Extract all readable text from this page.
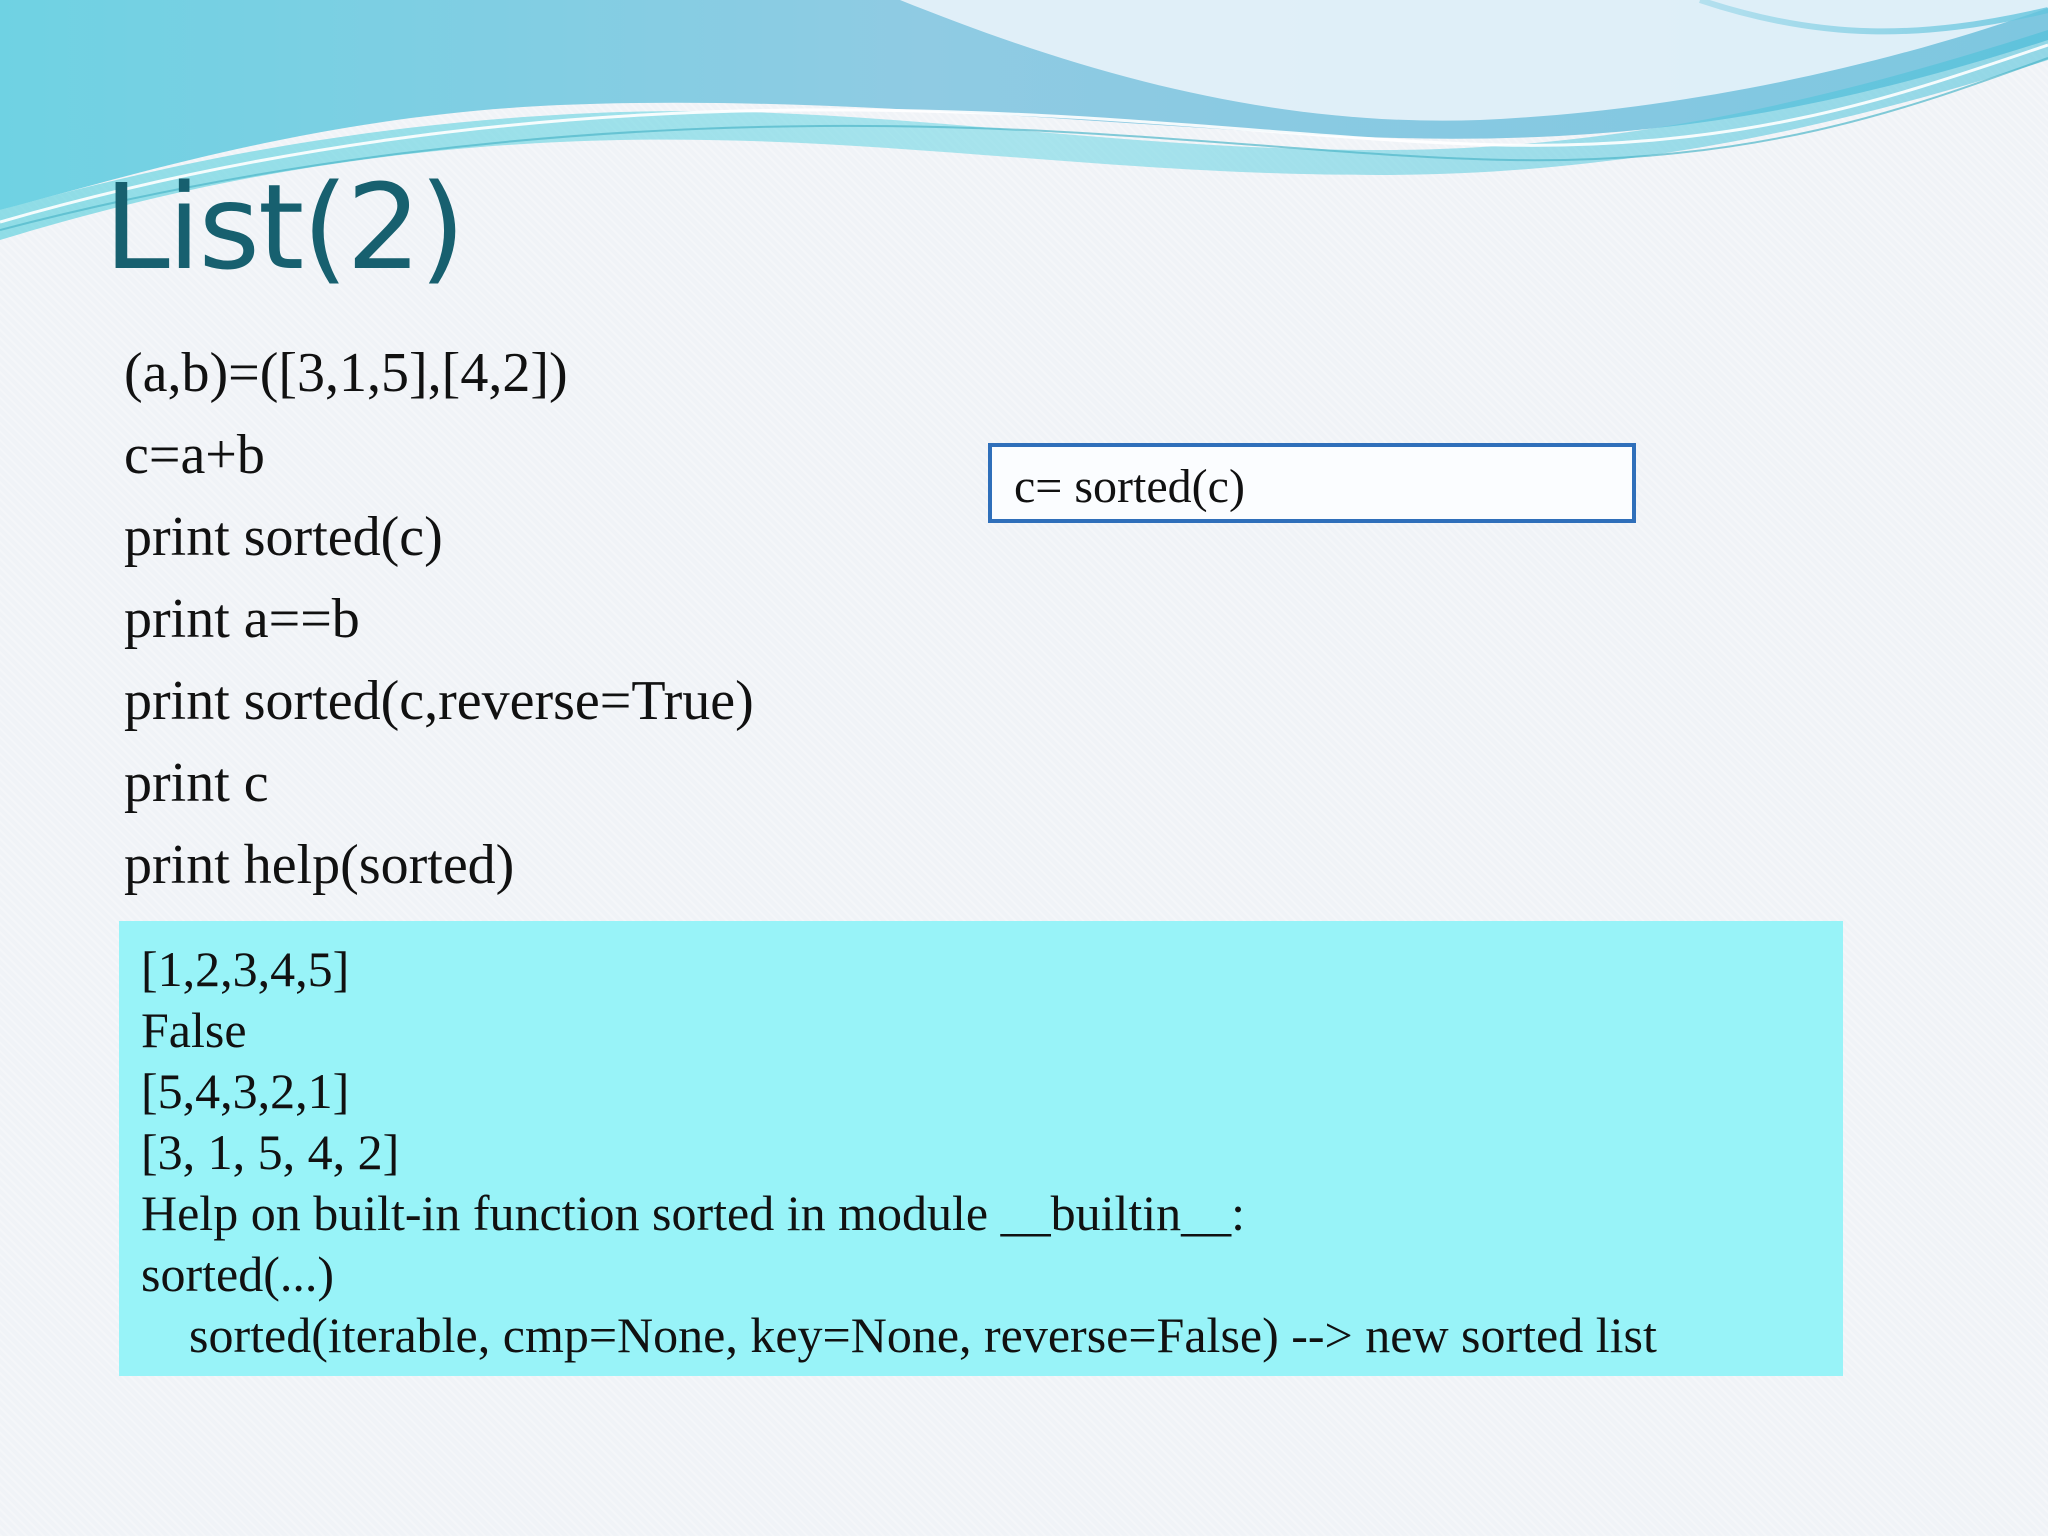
List(2)
(a,b)=([3,1,5],[4,2])
c=a+b
print sorted(c)
print a==b
print sorted(c,reverse=True)
print c
print help(sorted)
c= sorted(c)
[1,2,3,4,5]
False
[5,4,3,2,1]
[3, 1, 5, 4, 2]
Help on built-in function sorted in module __builtin__:
sorted(...)
sorted(iterable, cmp=None, key=None, reverse=False) --> new sorted list
